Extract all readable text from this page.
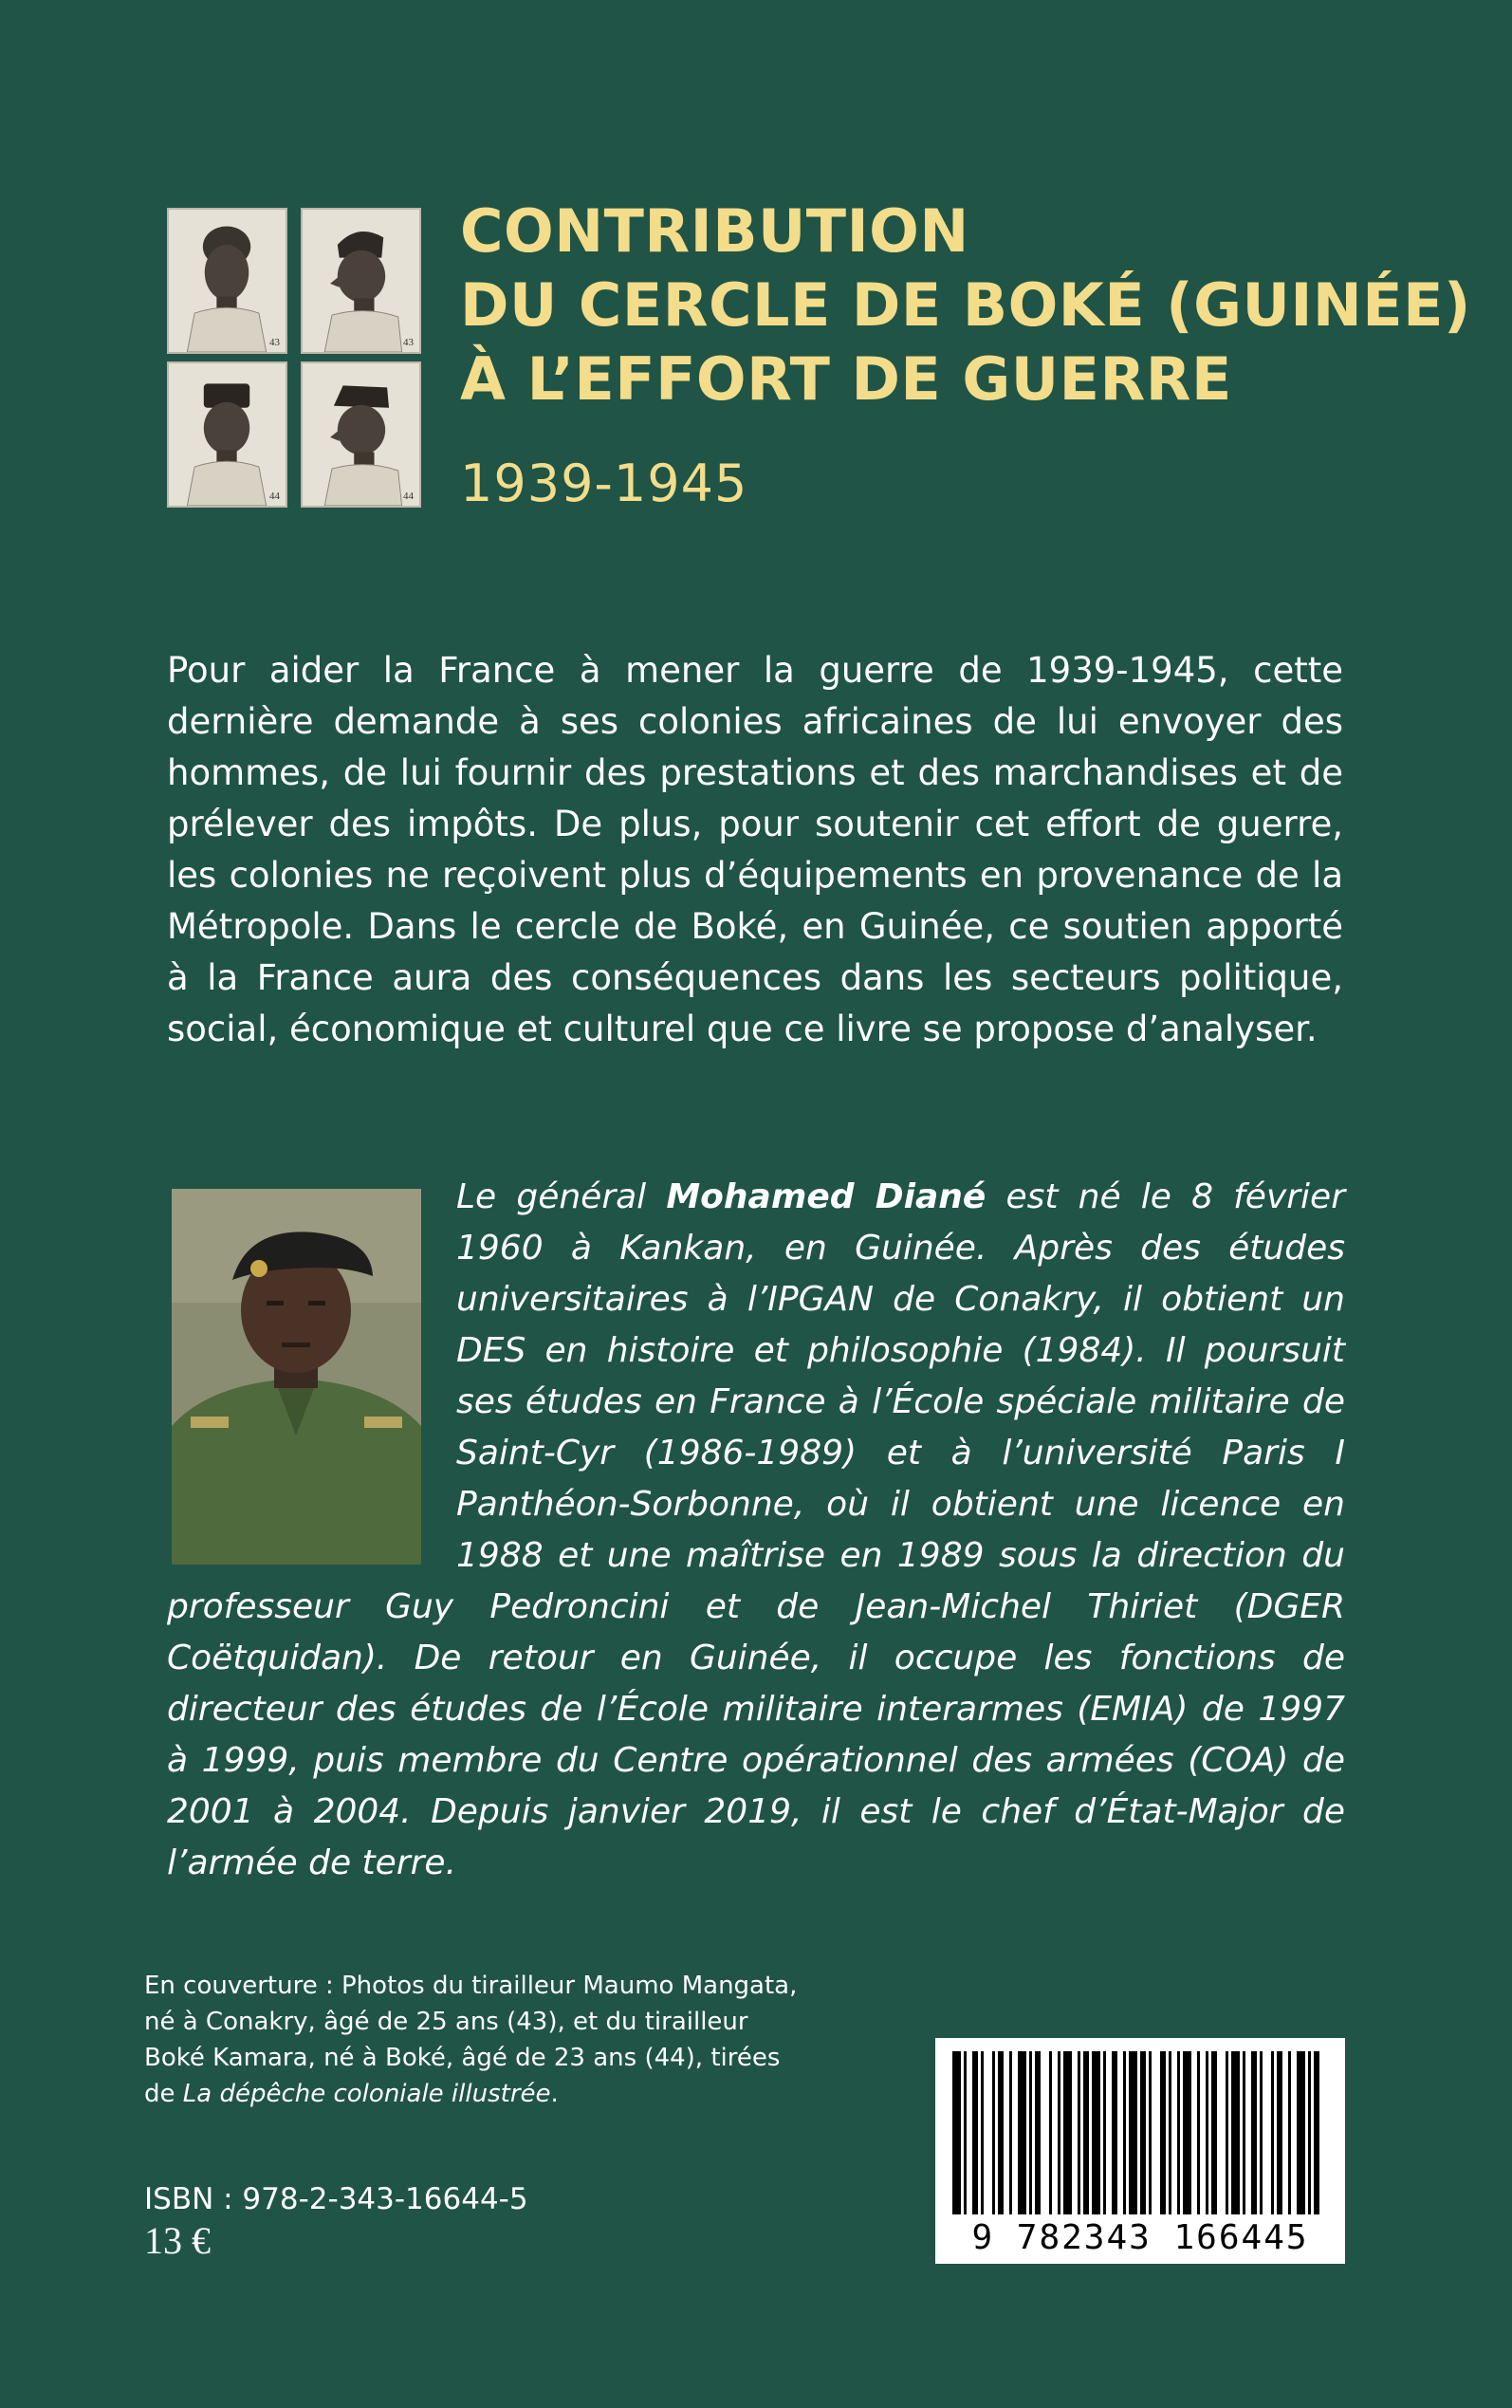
43	43
44	44
CONTRIBUTION
DU CERCLE DE BOKÉ (GUINÉE)
À L’EFFORT DE GUERRE
1939-1945

Pour aider la France à mener la guerre de 1939-1945, cette dernière demande à ses colonies africaines de lui envoyer des hommes, de lui fournir des prestations et des marchandises et de prélever des impôts. De plus, pour soutenir cet effort de guerre, les colonies ne reçoivent plus d’équipements en provenance de la Métropole. Dans le cercle de Boké, en Guinée, ce soutien apporté à la France aura des conséquences dans les secteurs politique, social, économique et culturel que ce livre se propose d’analyser.

Le général Mohamed Diané est né le 8 février 1960 à Kankan, en Guinée. Après des études universitaires à l’IPGAN de Conakry, il obtient un DES en histoire et philosophie (1984). Il poursuit ses études en France à l’École spéciale militaire de Saint-Cyr (1986-1989) et à l’université Paris I Panthéon-Sorbonne, où il obtient une licence en 1988 et une maîtrise en 1989 sous la direction du professeur Guy Pedroncini et de Jean-Michel Thiriet (DGER Coëtquidan). De retour en Guinée, il occupe les fonctions de directeur des études de l’École militaire interarmes (EMIA) de 1997 à 1999, puis membre du Centre opérationnel des armées (COA) de 2001 à 2004. Depuis janvier 2019, il est le chef d’État-Major de l’armée de terre.

En couverture : Photos du tirailleur Maumo Mangata, né à Conakry, âgé de 25 ans (43), et du tirailleur Boké Kamara, né à Boké, âgé de 23 ans (44), tirées de La dépêche coloniale illustrée.

ISBN : 978-2-343-16644-5
13 €	9 782343 166445
